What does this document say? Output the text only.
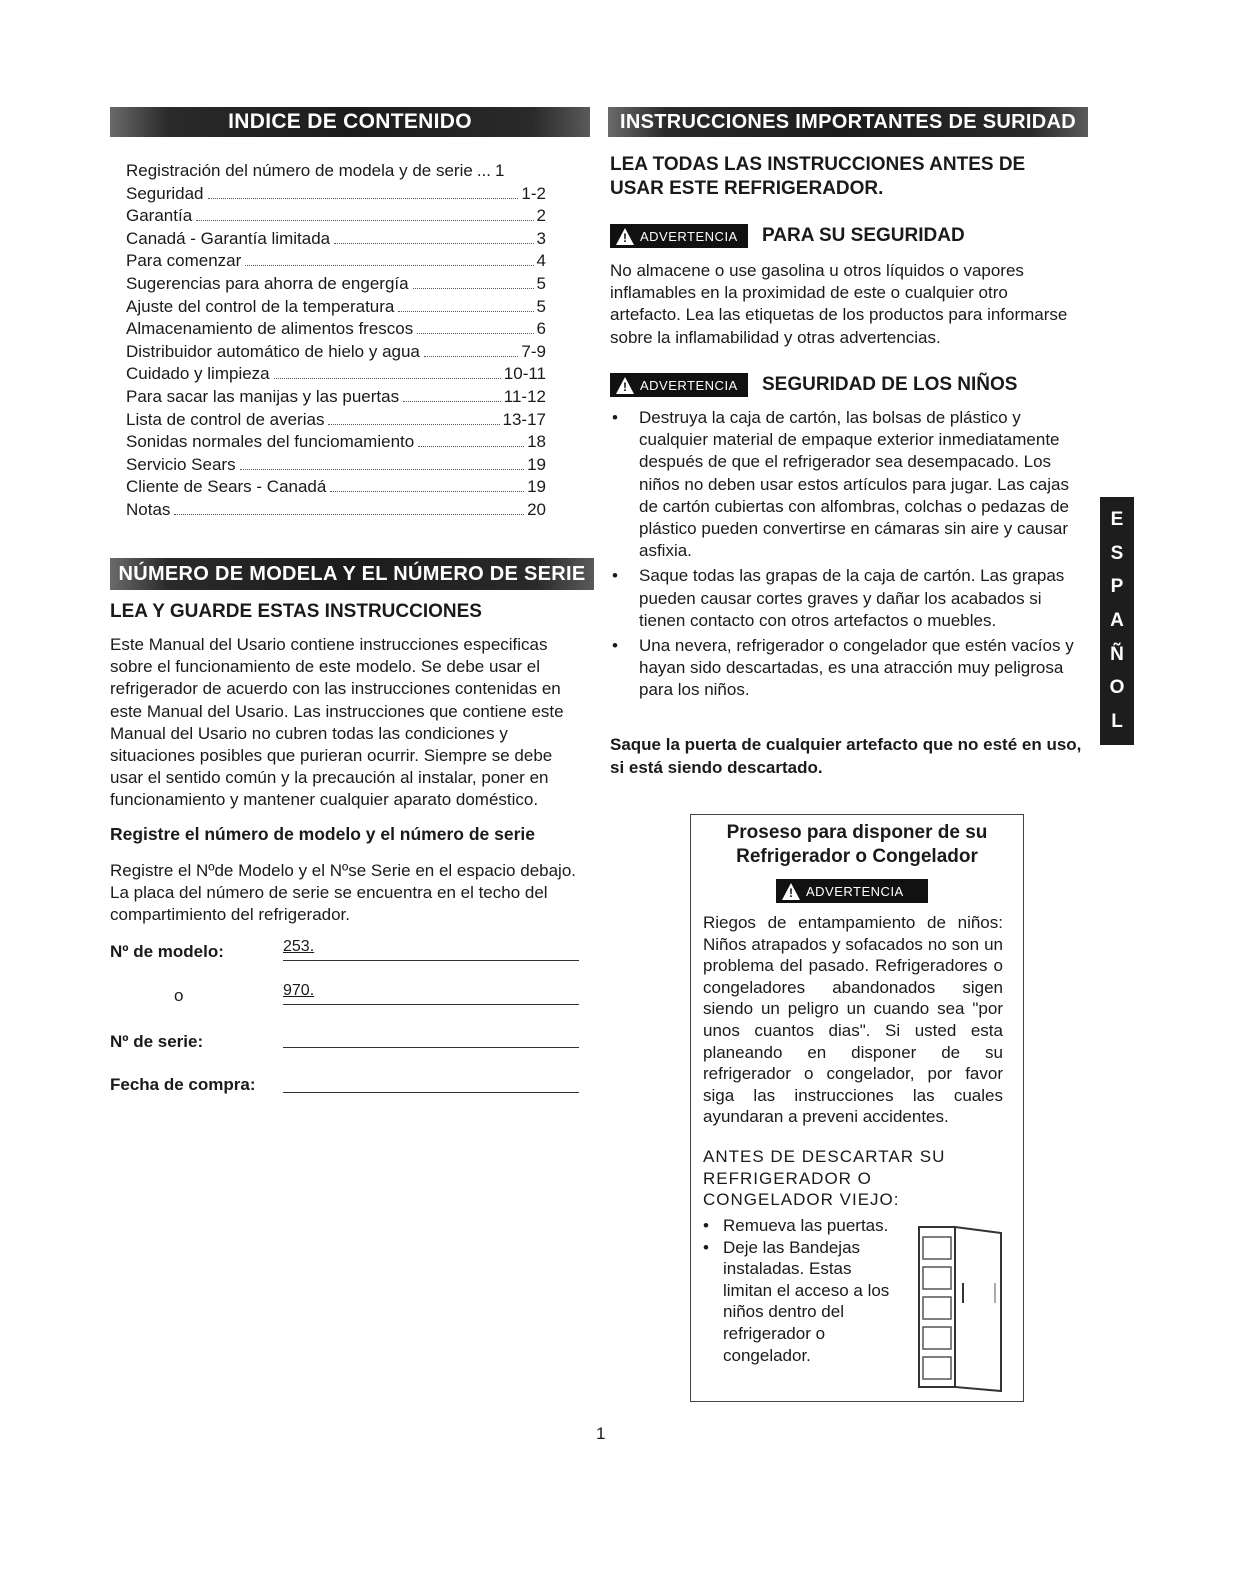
INDICE DE CONTENIDO
Registración del número de modela y de serie ... 1
Seguridad	1-2
Garantía	2
Canadá - Garantía limitada	3
Para comenzar	4
Sugerencias para ahorra de engergía	5
Ajuste del control de la temperatura	5
Almacenamiento de alimentos frescos	6
Distribuidor automático de hielo y agua	7-9
Cuidado y limpieza	10-11
Para sacar las manijas y las puertas	11-12
Lista de control de averias	13-17
Sonidas normales del funciomamiento	18
Servicio Sears	19
Cliente de Sears - Canadá	19
Notas	20
NÚMERO DE MODELA Y EL NÚMERO DE SERIE
LEA Y GUARDE ESTAS INSTRUCCIONES
Este Manual del Usario contiene instrucciones especificas sobre el funcionamiento de este modelo. Se debe usar el refrigerador de acuerdo con las instrucciones contenidas en este Manual del Usario. Las instrucciones que contiene este Manual del Usario no cubren todas las condiciones y situaciones posibles que purieran ocurrir. Siempre se debe usar el sentido común y la precaución al instalar, poner en funcionamiento y mantener cualquier aparato doméstico.
Registre el número de modelo y el número de serie
Registre el Nºde Modelo y el Nºse Serie en el espacio debajo. La placa del número de serie se encuentra en el techo del compartimiento del refrigerador.
Nº de modelo:	253.
o	970.
Nº de serie:
Fecha de compra:
INSTRUCCIONES IMPORTANTES DE SURIDAD
LEA TODAS LAS INSTRUCCIONES ANTES DE USAR ESTE REFRIGERADOR.
! ADVERTENCIA PARA SU SEGURIDAD
No almacene o use gasolina u otros líquidos o vapores inflamables en la proximidad de este o cualquier otro artefacto. Lea las etiquetas de los productos para informarse sobre la inflamabilidad y otras advertencias.
! ADVERTENCIA SEGURIDAD DE LOS NIÑOS
• Destruya la caja de cartón, las bolsas de plástico y cualquier material de empaque exterior inmediatamente después de que el refrigerador sea desempacado. Los niños no deben usar estos artículos para jugar. Las cajas de cartón cubiertas con alfombras, colchas o pedazas de plástico pueden convertirse en cámaras sin aire y causar asfixia.
• Saque todas las grapas de la caja de cartón. Las grapas pueden causar cortes graves y dañar los acabados si tienen contacto con otros artefactos o muebles.
• Una nevera, refrigerador o congelador que estén vacíos y hayan sido descartadas, es una atracción muy peligrosa para los niños.
Saque la puerta de cualquier artefacto que no esté en uso, si está siendo descartado.
E
S
P
A
Ñ
O
L
Proseso para disponer de su Refrigerador o Congelador
Riegos de entampamiento de niños: Niños atrapados y sofacados no son un problema del pasado. Refrigeradores o congeladores abandonados sigen siendo un peligro un cuando sea "por unos cuantos dias". Si usted esta planeando en disponer de su refrigerador o congelador, por favor siga las instrucciones las cuales ayundaran a preveni accidentes.
ANTES DE DESCARTAR SU REFRIGERADOR O CONGELADOR VIEJO:
• Remueva las puertas.
• Deje las Bandejas instaladas. Estas limitan el acceso a los niños dentro del refrigerador o congelador.
! ADVERTENCIA
1
